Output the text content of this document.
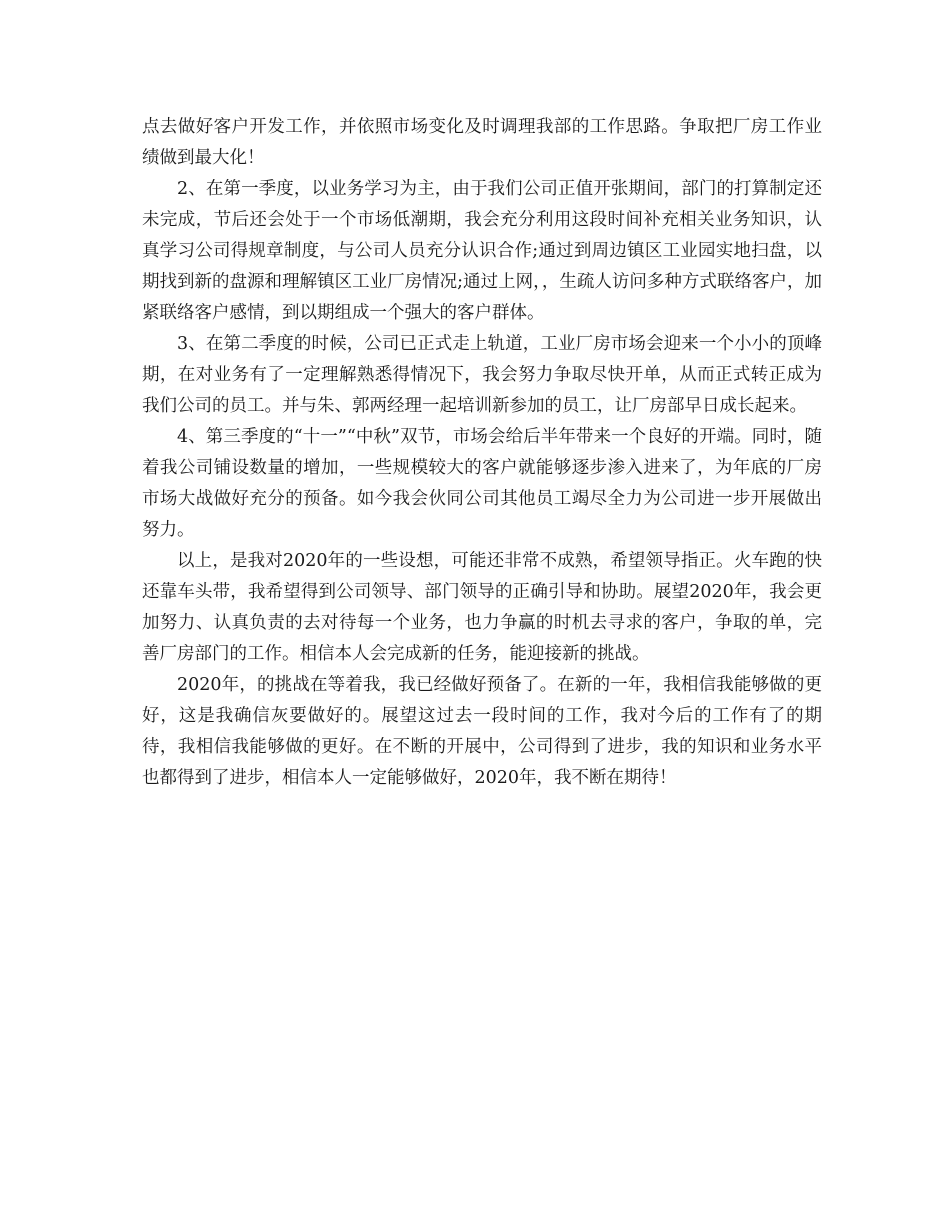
点去做好客户开发工作，并依照市场变化及时调理我部的工作思路。争取把厂房工作业绩做到最大化！

2、在第一季度，以业务学习为主，由于我们公司正值开张期间，部门的打算制定还未完成，节后还会处于一个市场低潮期，我会充分利用这段时间补充相关业务知识，认真学习公司得规章制度，与公司人员充分认识合作;通过到周边镇区工业园实地扫盘，以期找到新的盘源和理解镇区工业厂房情况;通过上网，，生疏人访问多种方式联络客户，加紧联络客户感情，到以期组成一个强大的客户群体。

3、在第二季度的时候，公司已正式走上轨道，工业厂房市场会迎来一个小小的顶峰期，在对业务有了一定理解熟悉得情况下，我会努力争取尽快开单，从而正式转正成为我们公司的员工。并与朱、郭两经理一起培训新参加的员工，让厂房部早日成长起来。

4、第三季度的“十一”“中秋”双节，市场会给后半年带来一个良好的开端。同时，随着我公司铺设数量的增加，一些规模较大的客户就能够逐步渗入进来了，为年底的厂房市场大战做好充分的预备。如今我会伙同公司其他员工竭尽全力为公司进一步开展做出努力。

以上，是我对2020年的一些设想，可能还非常不成熟，希望领导指正。火车跑的快还靠车头带，我希望得到公司领导、部门领导的正确引导和协助。展望2020年，我会更加努力、认真负责的去对待每一个业务，也力争赢的时机去寻求的客户，争取的单，完善厂房部门的工作。相信本人会完成新的任务，能迎接新的挑战。

2020年，的挑战在等着我，我已经做好预备了。在新的一年，我相信我能够做的更好，这是我确信灰要做好的。展望这过去一段时间的工作，我对今后的工作有了的期待，我相信我能够做的更好。在不断的开展中，公司得到了进步，我的知识和业务水平也都得到了进步，相信本人一定能够做好，2020年，我不断在期待！
